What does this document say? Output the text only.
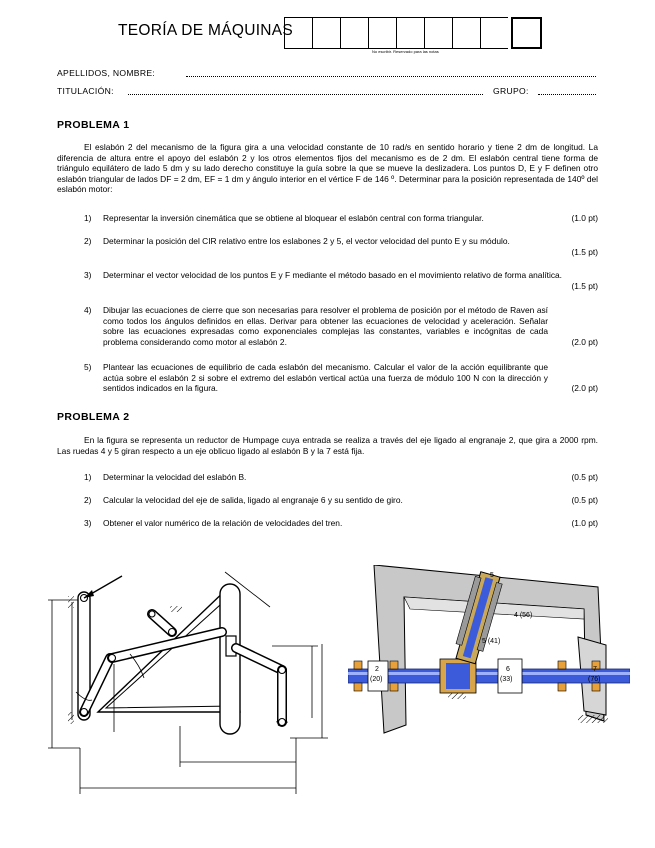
TEORÍA DE MÁQUINAS
No escribir. Reservado para las notas
APELLIDOS, NOMBRE:
TITULACIÓN:	GRUPO:
PROBLEMA 1

El eslabón 2 del mecanismo de la figura gira a una velocidad constante de 10 rad/s en sentido horario y tiene 2 dm de longitud. La diferencia de altura entre el apoyo del eslabón 2 y los otros elementos fijos del mecanismo es de 2 dm. El eslabón central tiene forma de triángulo equilátero de lado 5 dm y su lado derecho constituye la guía sobre la que se mueve la deslizadera. Los puntos D, E y F definen otro eslabón triangular de lados DF = 2 dm, EF = 1 dm y ángulo interior en el vértice F de 146 º. Determinar para la posición representada de 140º del eslabón motor:

1) Representar la inversión cinemática que se obtiene al bloquear el eslabón central con forma triangular.	(1.0 pt)
2) Determinar la posición del CIR relativo entre los eslabones 2 y 5, el vector velocidad del punto E y su módulo.
(1.5 pt)
3) Determinar el vector velocidad de los puntos E y F mediante el método basado en el movimiento relativo de forma analítica.
(1.5 pt)
4) Dibujar las ecuaciones de cierre que son necesarias para resolver el problema de posición por el método de Raven así como todos los ángulos definidos en ellas. Derivar para obtener las ecuaciones de velocidad y aceleración. Señalar sobre las ecuaciones expresadas como exponenciales complejas las constantes, variables e incógnitas de cada problema considerando como motor al eslabón 2.	(2.0 pt)
5) Plantear las ecuaciones de equilibrio de cada eslabón del mecanismo. Calcular el valor de la acción equilibrante que actúa sobre el eslabón 2 si sobre el extremo del eslabón vertical actúa una fuerza de módulo 100 N con la dirección y sentidos indicados en la figura.	(2.0 pt)
PROBLEMA 2

En la figura se representa un reductor de Humpage cuya entrada se realiza a través del eje ligado al engranaje 2, que gira a 2000 rpm. Las ruedas 4 y 5 giran respecto a un eje oblicuo ligado al eslabón B y la 7 está fija.

1) Determinar la velocidad del eslabón B.	(0.5 pt)
2) Calcular la velocidad del eje de salida, ligado al engranaje 6 y su sentido de giro.	(0.5 pt)
3) Obtener el valor numérico de la relación de velocidades del tren.	(1.0 pt)
5
4 (56)
5 (41)
2
(20)
6
(33)
7
(76)
